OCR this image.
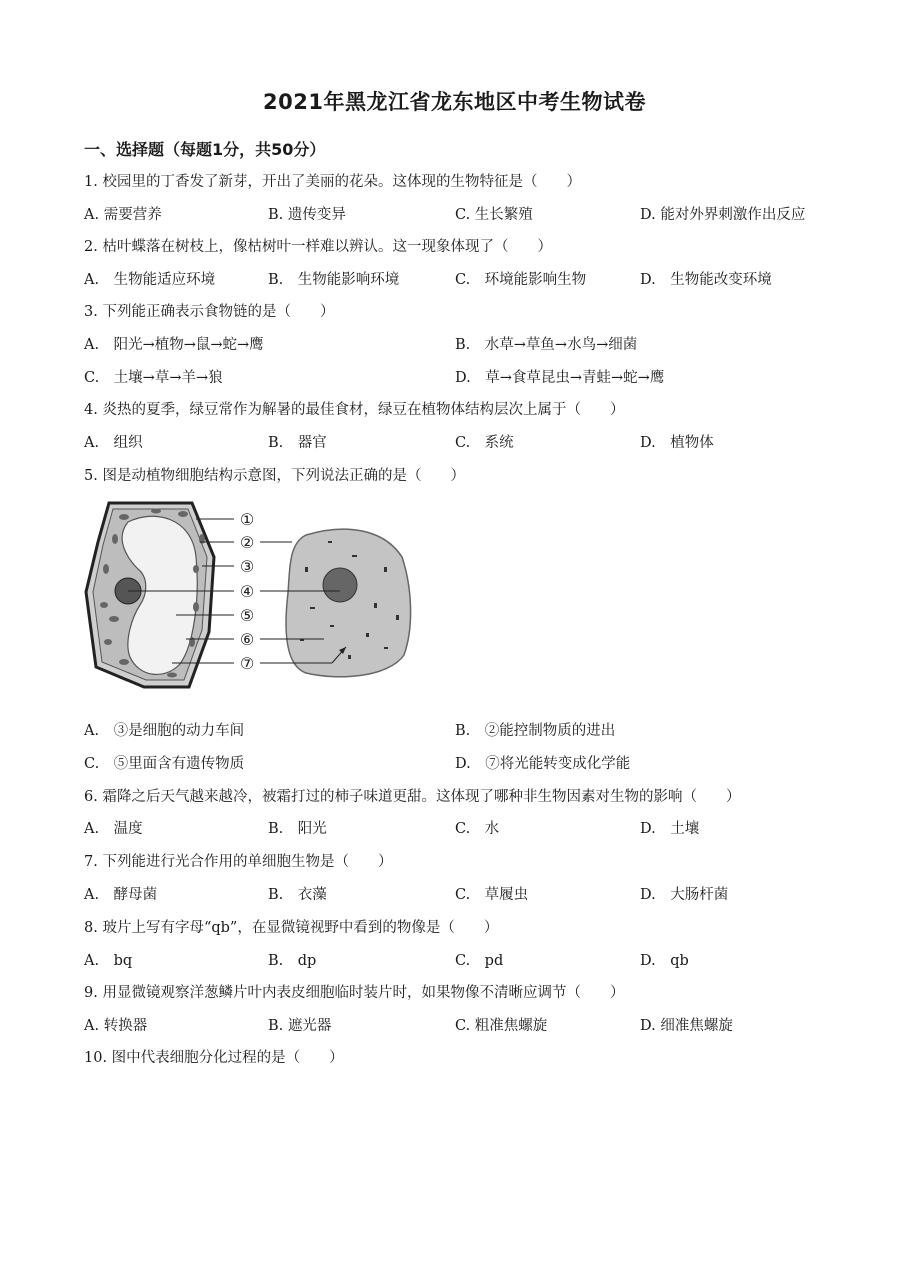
2021年黑龙江省龙东地区中考生物试卷
一、选择题（每题1分，共50分）
1. 校园里的丁香发了新芽，开出了美丽的花朵。这体现的生物特征是（　　）
A. 需要营养	B. 遗传变异	C. 生长繁殖	D. 能对外界刺激作出反应
2. 枯叶蝶落在树枝上，像枯树叶一样难以辨认。这一现象体现了（　　）
A.　生物能适应环境	B.　生物能影响环境	C.　环境能影响生物	D.　生物能改变环境
3. 下列能正确表示食物链的是（　　）
A.　阳光→植物→鼠→蛇→鹰	B.　水草→草鱼→水鸟→细菌
C.　土壤→草→羊→狼	D.　草→食草昆虫→青蛙→蛇→鹰
4. 炎热的夏季，绿豆常作为解暑的最佳食材，绿豆在植物体结构层次上属于（　　）
A.　组织	B.　器官	C.　系统	D.　植物体
5. 图是动植物细胞结构示意图，下列说法正确的是（　　）
①
②
③
④
⑤
⑥
⑦
A.　③是细胞的动力车间	B.　②能控制物质的进出
C.　⑤里面含有遗传物质	D.　⑦将光能转变成化学能
6. 霜降之后天气越来越冷，被霜打过的柿子味道更甜。这体现了哪种非生物因素对生物的影响（　　）
A.　温度	B.　阳光	C.　水	D.　土壤
7. 下列能进行光合作用的单细胞生物是（　　）
A.　酵母菌	B.　衣藻	C.　草履虫	D.　大肠杆菌
8. 玻片上写有字母“qb”，在显微镜视野中看到的物像是（　　）
A.　bq	B.　dp	C.　pd	D.　qb
9. 用显微镜观察洋葱鳞片叶内表皮细胞临时装片时，如果物像不清晰应调节（　　）
A. 转换器	B. 遮光器	C. 粗准焦螺旋	D. 细准焦螺旋
10. 图中代表细胞分化过程的是（　　）
